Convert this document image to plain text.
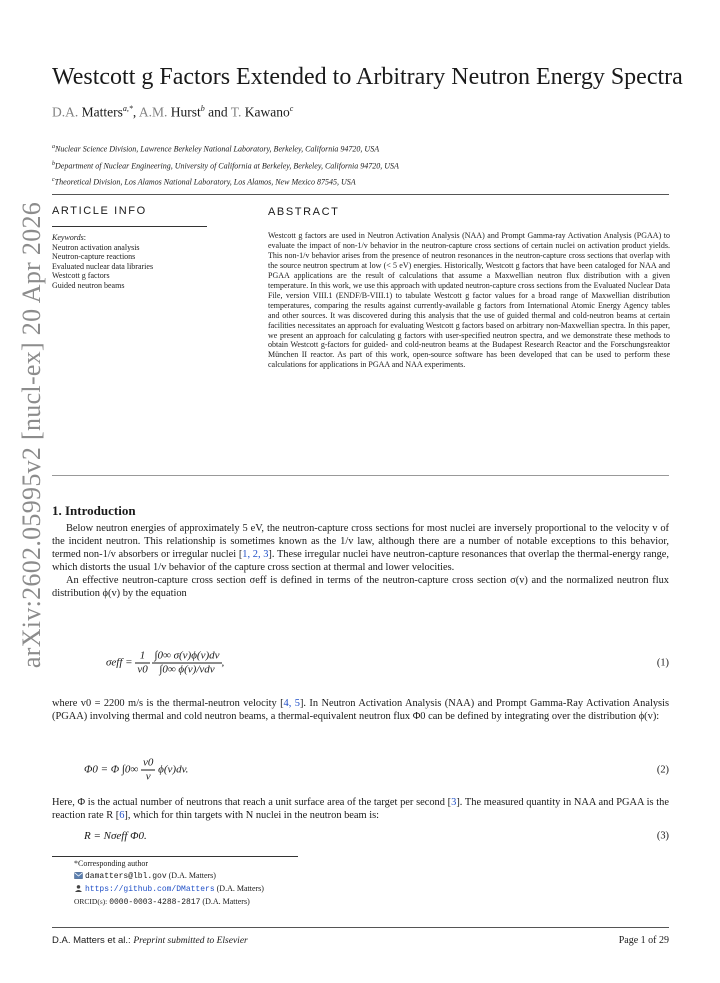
arXiv:2602.05995v2 [nucl-ex] 20 Apr 2026
Westcott g Factors Extended to Arbitrary Neutron Energy Spectra
D.A. Matters$^{a,*}$, A.M. Hurst$^b$ and T. Kawano$^c$
$^a$Nuclear Science Division, Lawrence Berkeley National Laboratory, Berkeley, California 94720, USA
$^b$Department of Nuclear Engineering, University of California at Berkeley, Berkeley, California 94720, USA
$^c$Theoretical Division, Los Alamos National Laboratory, Los Alamos, New Mexico 87545, USA
ARTICLE INFO	ABSTRACT
Keywords:
Neutron activation analysis
Neutron-capture reactions
Evaluated nuclear data libraries
Westcott g factors
Guided neutron beams
Westcott g factors are used in Neutron Activation Analysis (NAA) and Prompt Gamma-ray Activation Analysis (PGAA) to evaluate the impact of non-1/v behavior in the neutron-capture cross sections of certain nuclei on activation product yields. This non-1/v behavior arises from the presence of neutron resonances in the neutron-capture cross sections that overlap with the source neutron spectrum at low (< 5 eV) energies. Historically, Westcott g factors that have been cataloged for NAA and PGAA applications are the result of calculations that assume a Maxwellian neutron flux distribution with a given temperature. In this work, we use this approach with updated neutron-capture cross sections from the Evaluated Nuclear Data File, version VIII.1 (ENDF/B-VIII.1) to tabulate Westcott g factor values for a broad range of Maxwellian distribution temperatures, comparing the results against currently-available g factors from International Atomic Energy Agency tables and other sources. It was discovered during this analysis that the use of guided thermal and cold-neutron beams at certain facilities necessitates an approach for evaluating Westcott g factors based on arbitrary non-Maxwellian spectra. In this paper, we present an approach for calculating g factors with user-specified neutron spectra, and we demonstrate these methods to obtain Westcott g-factors for guided- and cold-neutron beams at the Budapest Research Reactor and the Forschungsreaktor München II reactor. As part of this work, open-source software has been developed that can be used to perform these calculations for applications in PGAA and NAA experiments.
1. Introduction

Below neutron energies of approximately 5 eV, the neutron-capture cross sections for most nuclei are inversely proportional to the velocity v of the incident neutron. This relationship is sometimes known as the 1/v law, although there are a number of notable exceptions to this behavior, termed non-1/v absorbers or irregular nuclei [1, 2, 3]. These irregular nuclei have neutron-capture resonances that overlap the thermal-energy range, which distorts the usual 1/v behavior of the capture cross section at thermal and lower velocities.

An effective neutron-capture cross section σeff is defined in terms of the neutron-capture cross section σ(v) and the normalized neutron flux distribution ϕ(v) by the equation

$\sigma eff = \frac{1}{v0}$
$\frac{\int 0\infty \sigma(v)\phi(v)dv}{\text{∫0∞ ϕ(v)/vdv}}$ ,	(1)

where v0 = 2200 m/s is the thermal-neutron velocity [4, 5]. In Neutron Activation Analysis (NAA) and Prompt Gamma-Ray Activation Analysis (PGAA) involving thermal and cold neutron beams, a thermal-equivalent neutron flux Φ0 can be defined by integrating over the distribution ϕ(v):

Φ0 = Φ $\int 0\infty \frac{v0}{v} \phi(v)dv$.	(2)

Here, Φ is the actual number of neutrons that reach a unit surface area of the target per second [3]. The measured quantity in NAA and PGAA is the reaction rate R [6], which for thin targets with N nuclei in the neutron beam is:

R = Nσeff Φ0.	(3)
*Corresponding author
damatters@lbl.gov (D.A. Matters)
https://github.com/DMatters (D.A. Matters)
ORCID(s): 0000-0003-4288-2817 (D.A. Matters)
D.A. Matters et al.: Preprint submitted to Elsevier	Page 1 of 29
